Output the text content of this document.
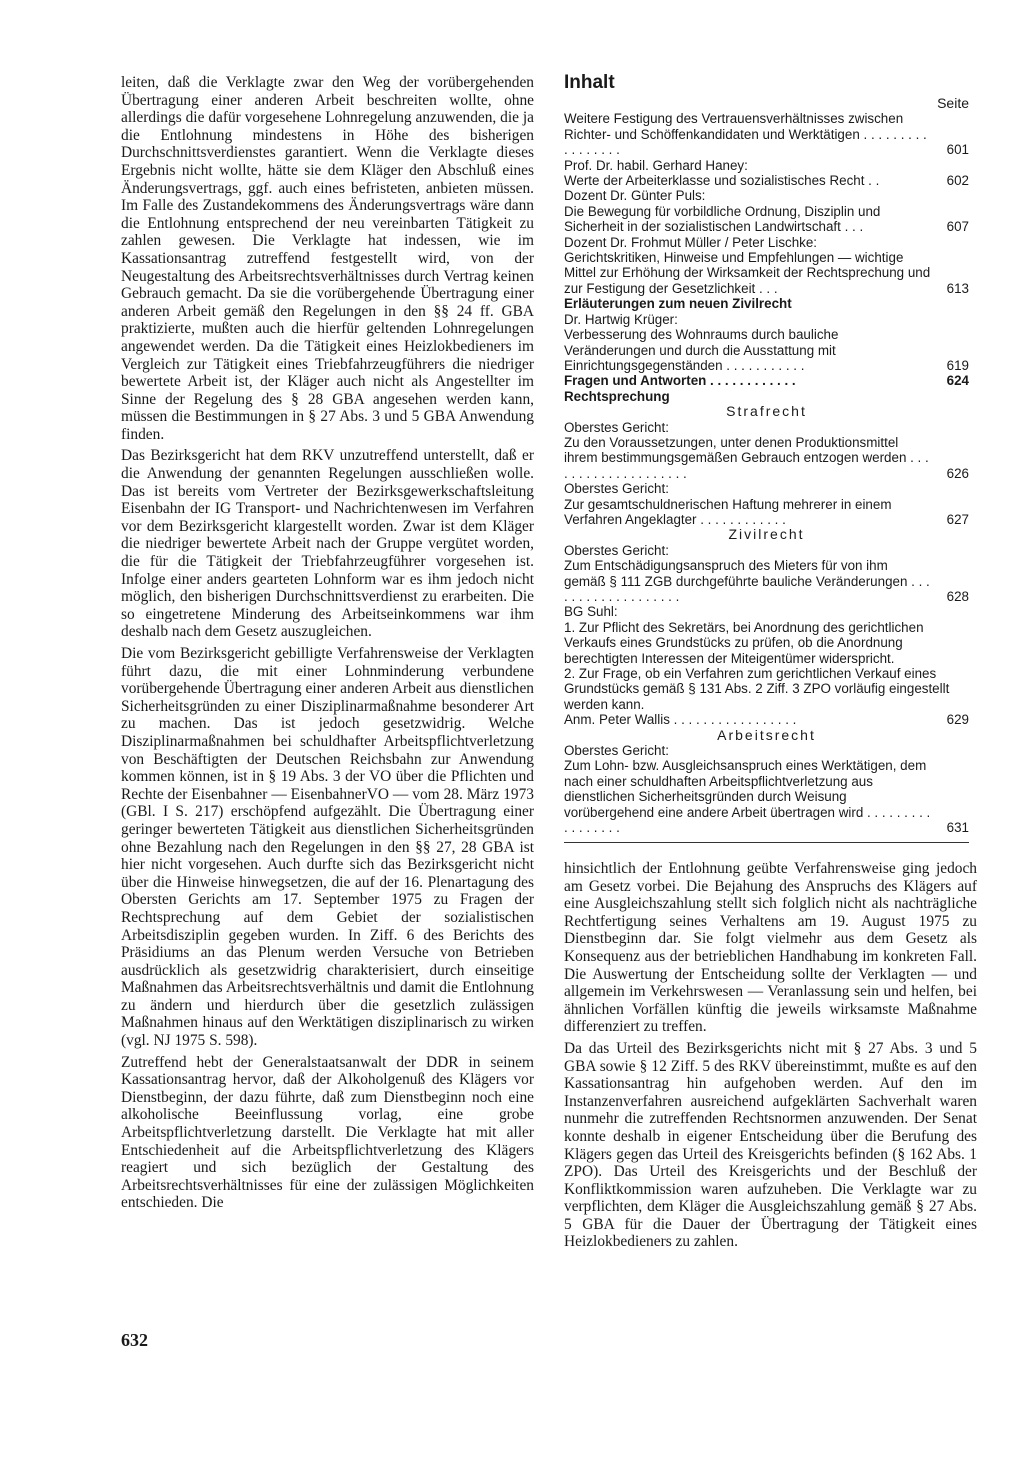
leiten, daß die Verklagte zwar den Weg der vorübergehenden Übertragung einer anderen Arbeit beschreiten wollte, ohne allerdings die dafür vorgesehene Lohnregelung anzuwenden, die ja die Entlohnung mindestens in Höhe des bisherigen Durchschnittsverdienstes garantiert. Wenn die Verklagte dieses Ergebnis nicht wollte, hätte sie dem Kläger den Abschluß eines Änderungsvertrags, ggf. auch eines befristeten, anbieten müssen. Im Falle des Zustandekommens des Änderungsvertrags wäre dann die Entlohnung entsprechend der neu vereinbarten Tätigkeit zu zahlen gewesen. Die Verklagte hat indessen, wie im Kassationsantrag zutreffend festgestellt wird, von der Neugestaltung des Arbeitsrechtsverhältnisses durch Vertrag keinen Gebrauch gemacht. Da sie die vorübergehende Übertragung einer anderen Arbeit gemäß den Regelungen in den §§ 24 ff. GBA praktizierte, mußten auch die hierfür geltenden Lohnregelungen angewendet werden. Da die Tätigkeit eines Heizlokbedieners im Vergleich zur Tätigkeit eines Triebfahrzeugführers die niedriger bewertete Arbeit ist, der Kläger auch nicht als Angestellter im Sinne der Regelung des § 28 GBA angesehen werden kann, müssen die Bestimmungen in § 27 Abs. 3 und 5 GBA Anwendung finden.

Das Bezirksgericht hat dem RKV unzutreffend unterstellt, daß er die Anwendung der genannten Regelungen ausschließen wolle. Das ist bereits vom Vertreter der Bezirksgewerkschaftsleitung Eisenbahn der IG Transport- und Nachrichtenwesen im Verfahren vor dem Bezirksgericht klargestellt worden. Zwar ist dem Kläger die niedriger bewertete Arbeit nach der Gruppe vergütet worden, die für die Tätigkeit der Triebfahrzeugführer vorgesehen ist. Infolge einer anders gearteten Lohnform war es ihm jedoch nicht möglich, den bisherigen Durchschnittsverdienst zu erarbeiten. Die so eingetretene Minderung des Arbeitseinkommens war ihm deshalb nach dem Gesetz auszugleichen.

Die vom Bezirksgericht gebilligte Verfahrensweise der Verklagten führt dazu, die mit einer Lohnminderung verbundene vorübergehende Übertragung einer anderen Arbeit aus dienstlichen Sicherheitsgründen zu einer Disziplinarmaßnahme besonderer Art zu machen. Das ist jedoch gesetzwidrig. Welche Disziplinarmaßnahmen bei schuldhafter Arbeitspflichtverletzung von Beschäftigten der Deutschen Reichsbahn zur Anwendung kommen können, ist in § 19 Abs. 3 der VO über die Pflichten und Rechte der Eisenbahner — EisenbahnerVO — vom 28. März 1973 (GBl. I S. 217) erschöpfend aufgezählt. Die Übertragung einer geringer bewerteten Tätigkeit aus dienstlichen Sicherheitsgründen ohne Bezahlung nach den Regelungen in den §§ 27, 28 GBA ist hier nicht vorgesehen. Auch durfte sich das Bezirksgericht nicht über die Hinweise hinwegsetzen, die auf der 16. Plenartagung des Obersten Gerichts am 17. September 1975 zu Fragen der Rechtsprechung auf dem Gebiet der sozialistischen Arbeitsdisziplin gegeben wurden. In Ziff. 6 des Berichts des Präsidiums an das Plenum werden Versuche von Betrieben ausdrücklich als gesetzwidrig charakterisiert, durch einseitige Maßnahmen das Arbeitsrechtsverhältnis und damit die Entlohnung zu ändern und hierdurch über die gesetzlich zulässigen Maßnahmen hinaus auf den Werktätigen disziplinarisch zu wirken (vgl. NJ 1975 S. 598).

Zutreffend hebt der Generalstaatsanwalt der DDR in seinem Kassationsantrag hervor, daß der Alkoholgenuß des Klägers vor Dienstbeginn, der dazu führte, daß zum Dienstbeginn noch eine alkoholische Beeinflussung vorlag, eine grobe Arbeitspflichtverletzung darstellt. Die Verklagte hat mit aller Entschiedenheit auf die Arbeitspflichtverletzung des Klägers reagiert und sich bezüglich der Gestaltung des Arbeitsrechtsverhältnisses für eine der zulässigen Möglichkeiten entschieden. Die

632
Inhalt
Seite
Weitere Festigung des Vertrauensverhältnisses zwischen Richter- und Schöffenkandidaten und Werktätigen . . . . . . . . . . . . . . . . .	601
Prof. Dr. habil. Gerhard Haney:
Werte der Arbeiterklasse und sozialistisches Recht . .	602
Dozent Dr. Günter Puls:
Die Bewegung für vorbildliche Ordnung, Disziplin und Sicherheit in der sozialistischen Landwirtschaft . . .	607
Dozent Dr. Frohmut Müller / Peter Lischke:
Gerichtskritiken, Hinweise und Empfehlungen — wichtige Mittel zur Erhöhung der Wirksamkeit der Rechtsprechung und zur Festigung der Gesetzlichkeit . . .	613
Erläuterungen zum neuen Zivilrecht
Dr. Hartwig Krüger:
Verbesserung des Wohnraums durch bauliche Veränderungen und durch die Ausstattung mit Einrichtungsgegenständen . . . . . . . . . . .	619
Fragen und Antworten . . . . . . . . . . . .	624
Rechtsprechung
Strafrecht
Oberstes Gericht:
Zu den Voraussetzungen, unter denen Produktionsmittel ihrem bestimmungsgemäßen Gebrauch entzogen werden . . . . . . . . . . . . . . . . . . . .	626
Oberstes Gericht:
Zur gesamtschuldnerischen Haftung mehrerer in einem Verfahren Angeklagter . . . . . . . . . . . .	627
Zivilrecht
Oberstes Gericht:
Zum Entschädigungsanspruch des Mieters für von ihm gemäß § 111 ZGB durchgeführte bauliche Veränderungen . . . . . . . . . . . . . . . . . . .	628
BG Suhl:
1. Zur Pflicht des Sekretärs, bei Anordnung des gerichtlichen Verkaufs eines Grundstücks zu prüfen, ob die Anordnung berechtigten Interessen der Miteigentümer widerspricht.
2. Zur Frage, ob ein Verfahren zum gerichtlichen Verkauf eines Grundstücks gemäß § 131 Abs. 2 Ziff. 3 ZPO vorläufig eingestellt werden kann.
Anm. Peter Wallis . . . . . . . . . . . . . . . . .	629
Arbeitsrecht
Oberstes Gericht:
Zum Lohn- bzw. Ausgleichsanspruch eines Werktätigen, dem nach einer schuldhaften Arbeitspflichtverletzung aus dienstlichen Sicherheitsgründen durch Weisung vorübergehend eine andere Arbeit übertragen wird . . . . . . . . . . . . . . . . .	631

hinsichtlich der Entlohnung geübte Verfahrensweise ging jedoch am Gesetz vorbei. Die Bejahung des Anspruchs des Klägers auf eine Ausgleichszahlung stellt sich folglich nicht als nachträgliche Rechtfertigung seines Verhaltens am 19. August 1975 zu Dienstbeginn dar. Sie folgt vielmehr aus dem Gesetz als Konsequenz aus der betrieblichen Handhabung im konkreten Fall. Die Auswertung der Entscheidung sollte der Verklagten — und allgemein im Verkehrswesen — Veranlassung sein und helfen, bei ähnlichen Vorfällen künftig die jeweils wirksamste Maßnahme differenziert zu treffen.

Da das Urteil des Bezirksgerichts nicht mit § 27 Abs. 3 und 5 GBA sowie § 12 Ziff. 5 des RKV übereinstimmt, mußte es auf den Kassationsantrag hin aufgehoben werden. Auf den im Instanzenverfahren ausreichend aufgeklärten Sachverhalt waren nunmehr die zutreffenden Rechtsnormen anzuwenden. Der Senat konnte deshalb in eigener Entscheidung über die Berufung des Klägers gegen das Urteil des Kreisgerichts befinden (§ 162 Abs. 1 ZPO). Das Urteil des Kreisgerichts und der Beschluß der Konfliktkommission waren aufzuheben. Die Verklagte war zu verpflichten, dem Kläger die Ausgleichszahlung gemäß § 27 Abs. 5 GBA für die Dauer der Übertragung der Tätigkeit eines Heizlokbedieners zu zahlen.
